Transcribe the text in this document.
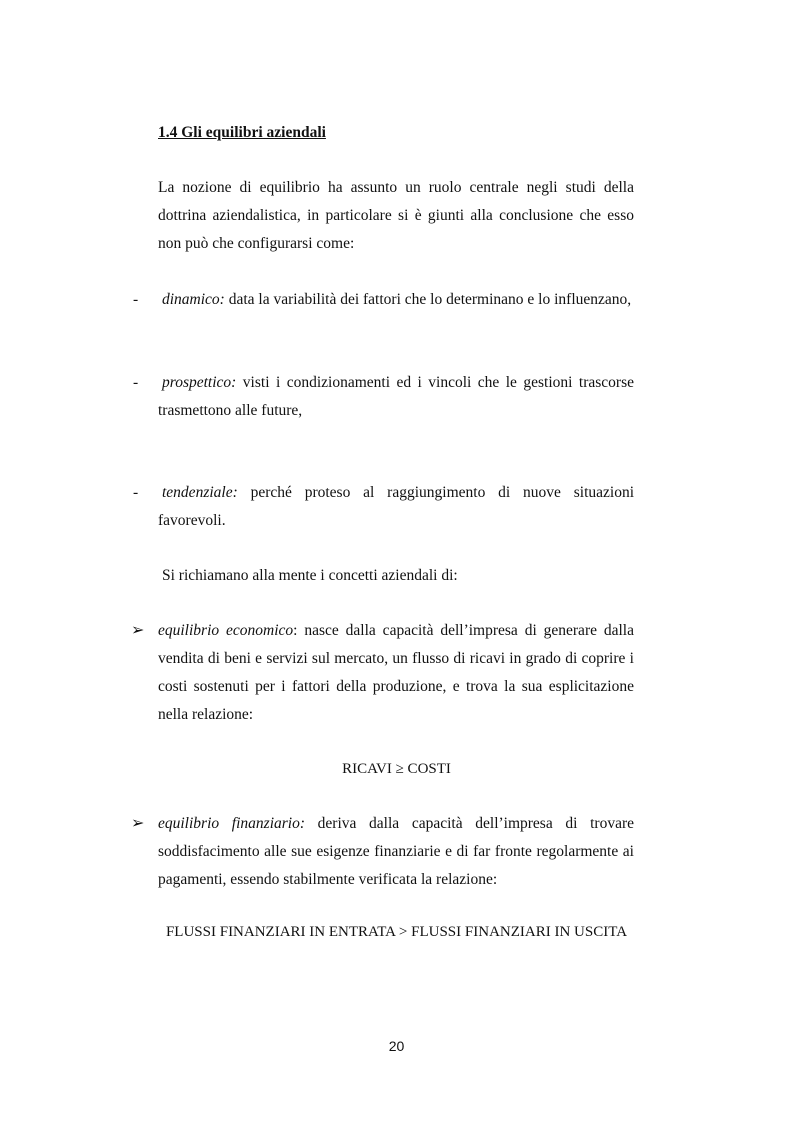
1.4 Gli equilibri aziendali
La nozione di equilibrio ha assunto un ruolo centrale negli studi della dottrina aziendalistica, in particolare si è giunti alla conclusione che esso non può che configurarsi come:
- dinamico: data la variabilità dei fattori che lo determinano e lo influenzano,
- prospettico: visti i condizionamenti ed i vincoli che le gestioni trascorse trasmettono alle future,
- tendenziale: perché proteso al raggiungimento di nuove situazioni favorevoli.
Si richiamano alla mente i concetti aziendali di:
➢ equilibrio economico: nasce dalla capacità dell’impresa di generare dalla vendita di beni e servizi sul mercato, un flusso di ricavi in grado di coprire i costi sostenuti per i fattori della produzione, e trova la sua esplicitazione nella relazione:
RICAVI ≥ COSTI
➢ equilibrio finanziario: deriva dalla capacità dell’impresa di trovare soddisfacimento alle sue esigenze finanziarie e di far fronte regolarmente ai pagamenti, essendo stabilmente verificata la relazione:
FLUSSI FINANZIARI IN ENTRATA > FLUSSI FINANZIARI IN USCITA
20
